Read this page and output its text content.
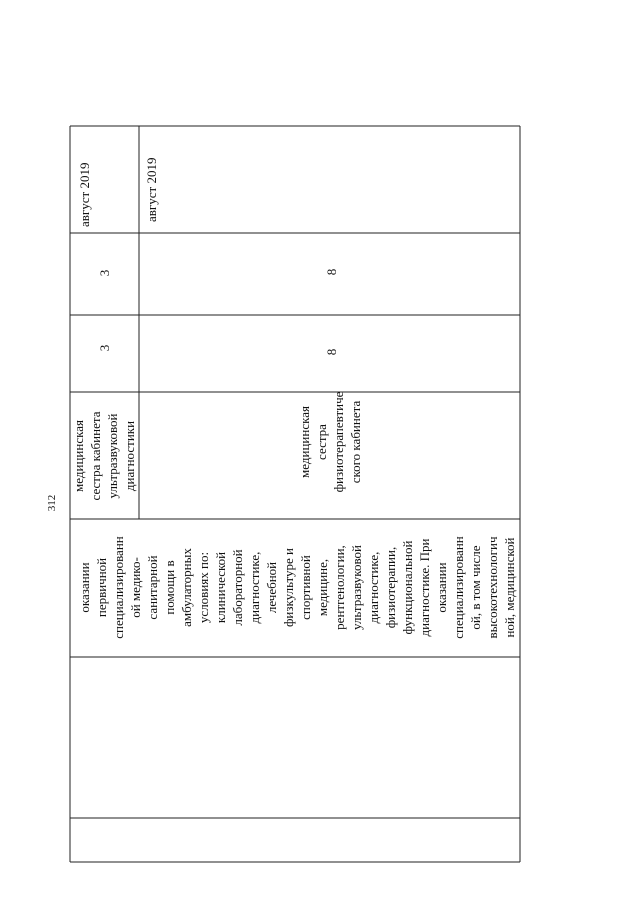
312
оказании
первичной
специализированн
ой медико-
санитарной
помощи в
амбулаторных
условиях по:
клинической
лабораторной
диагностике,
лечебной
физкультуре и
спортивной
медицине,
рентгенологии,
ультразвуковой
диагностике,
физиотерапии,
функциональной
диагностике. При
оказании
специализированн
ой, в том числе
высокотехнологич
ной, медицинской
медицинская
сестра кабинета
ультразвуковой
диагностики
3
3
август 2019
медицинская
сестра
физиотерапевтиче
ского кабинета
8
8
август 2019
